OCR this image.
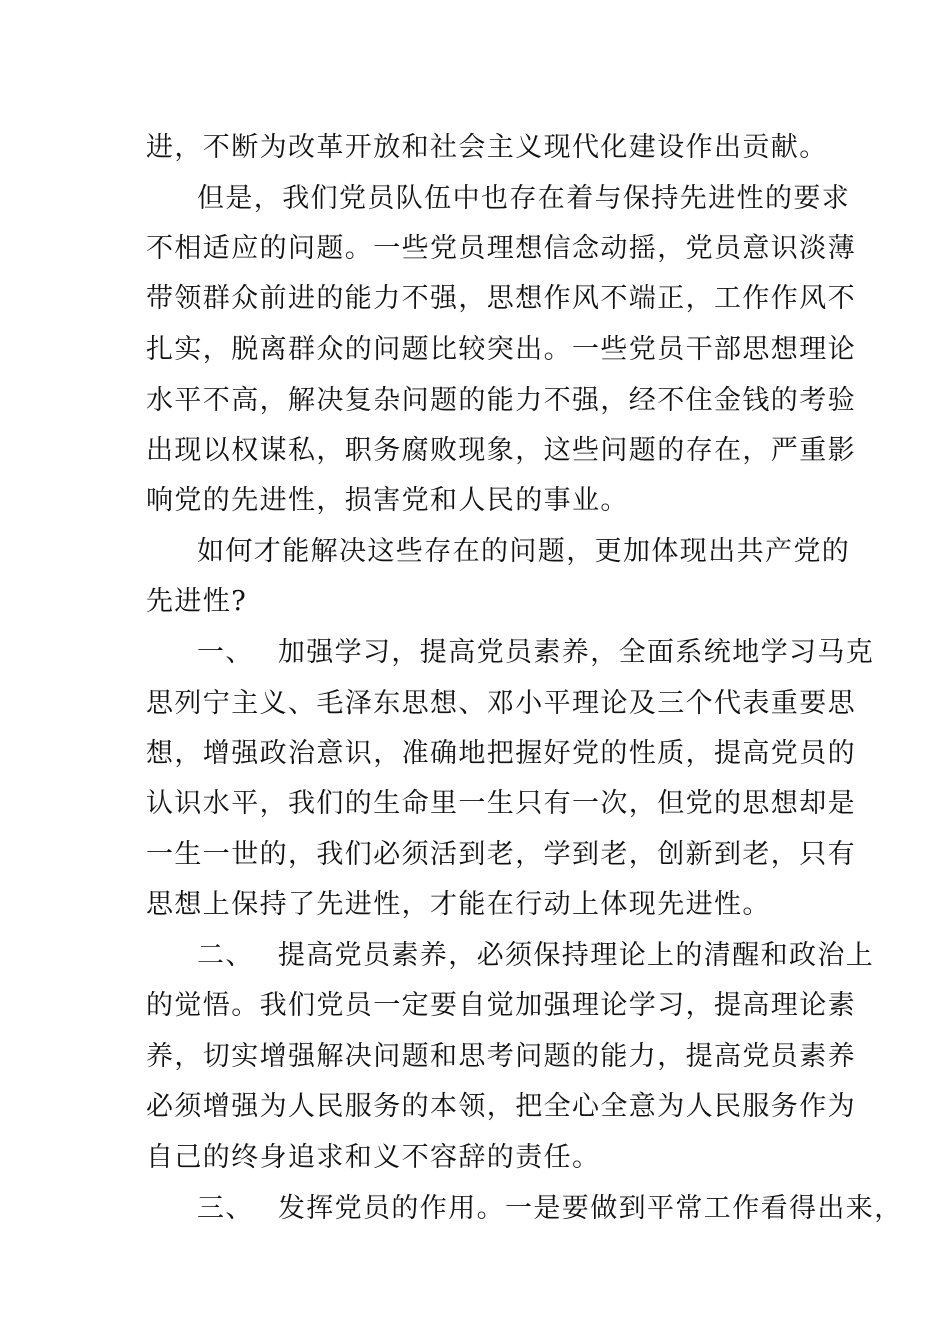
进，不断为改革开放和社会主义现代化建设作出贡献。
但是，我们党员队伍中也存在着与保持先进性的要求
不相适应的问题。一些党员理想信念动摇，党员意识淡薄
带领群众前进的能力不强，思想作风不端正，工作作风不
扎实，脱离群众的问题比较突出。一些党员干部思想理论
水平不高，解决复杂问题的能力不强，经不住金钱的考验
出现以权谋私，职务腐败现象，这些问题的存在，严重影
响党的先进性，损害党和人民的事业。
如何才能解决这些存在的问题，更加体现出共产党的
先进性?
一、 加强学习，提高党员素养，全面系统地学习马克
思列宁主义、毛泽东思想、邓小平理论及三个代表重要思
想，增强政治意识，准确地把握好党的性质，提高党员的
认识水平，我们的生命里一生只有一次，但党的思想却是
一生一世的，我们必须活到老，学到老，创新到老，只有
思想上保持了先进性，才能在行动上体现先进性。
二、 提高党员素养，必须保持理论上的清醒和政治上
的觉悟。我们党员一定要自觉加强理论学习，提高理论素
养，切实增强解决问题和思考问题的能力，提高党员素养
必须增强为人民服务的本领，把全心全意为人民服务作为
自己的终身追求和义不容辞的责任。
三、 发挥党员的作用。一是要做到平常工作看得出来，
